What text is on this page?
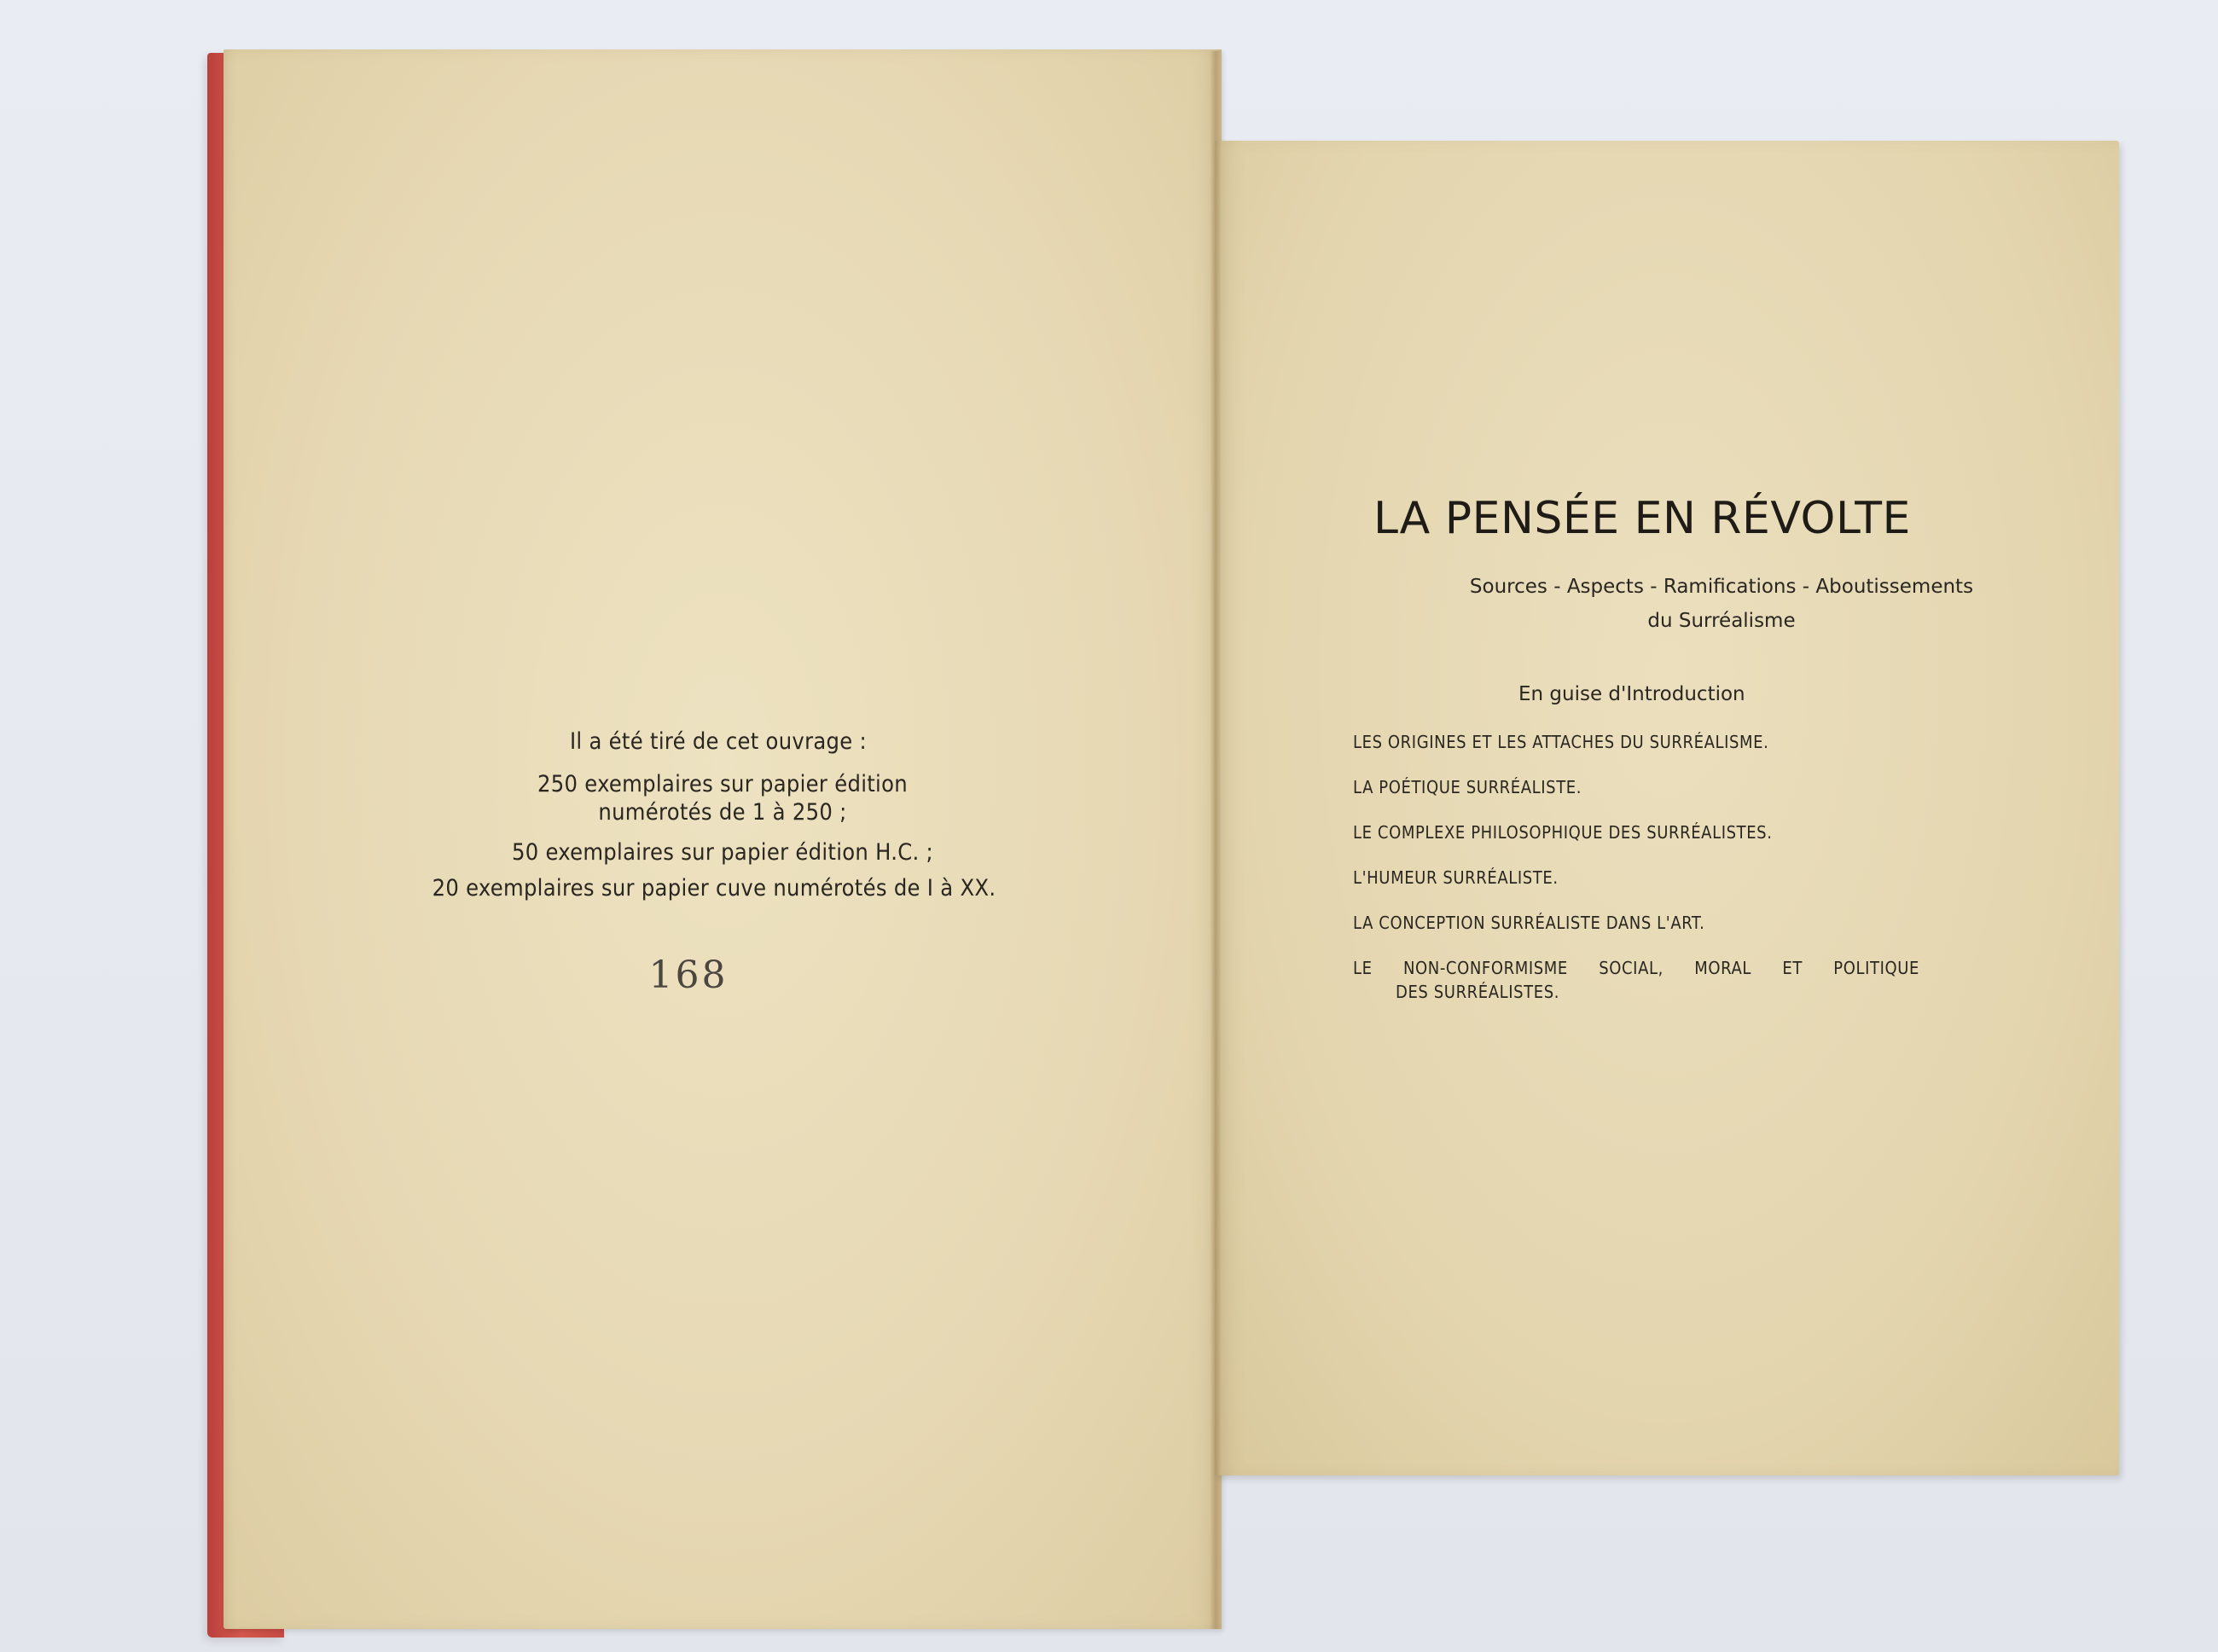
Il a été tiré de cet ouvrage :
250 exemplaires sur papier édition
numérotés de 1 à 250 ;
50 exemplaires sur papier édition H.C. ;
20 exemplaires sur papier cuve numérotés de I à XX.
168
LA PENSÉE EN RÉVOLTE
Sources - Aspects - Ramifications - Aboutissements
du Surréalisme
En guise d'Introduction
LES ORIGINES ET LES ATTACHES DU SURRÉALISME.
LA POÉTIQUE SURRÉALISTE.
LE COMPLEXE PHILOSOPHIQUE DES SURRÉALISTES.
L'HUMEUR SURRÉALISTE.
LA CONCEPTION SURRÉALISTE DANS L'ART.
LE NON-CONFORMISME SOCIAL, MORAL ET POLITIQUE
DES SURRÉALISTES.
